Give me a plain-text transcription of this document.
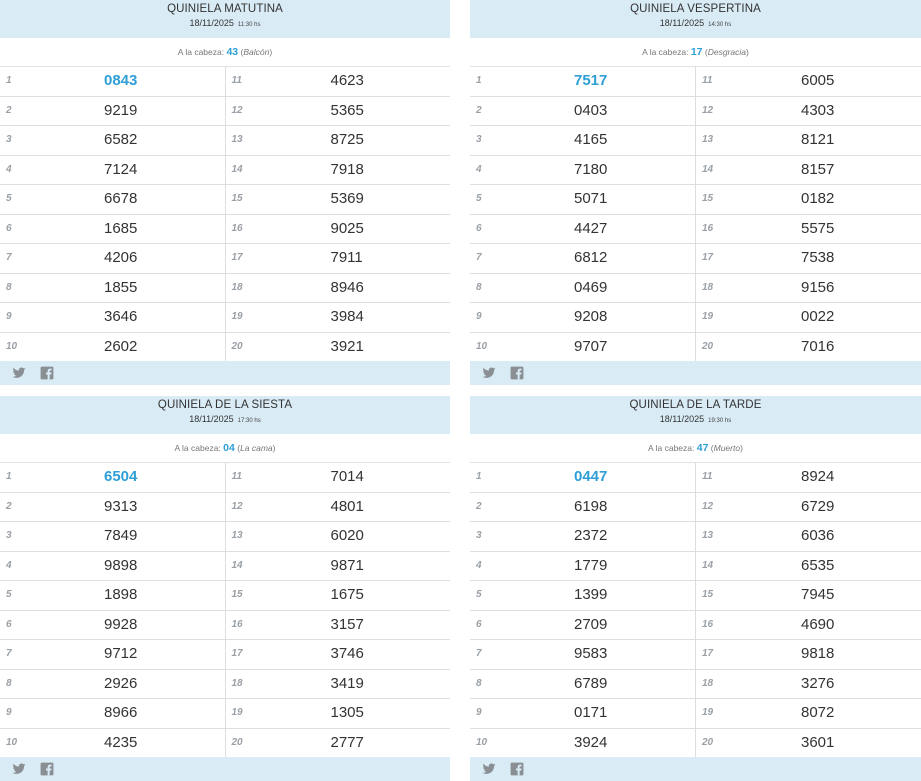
QUINIELA MATUTINA
18/11/2025 11:30 hs
A la cabeza: 43 (Balcón)
1	0843	11	4623
2	9219	12	5365
3	6582	13	8725
4	7124	14	7918
5	6678	15	5369
6	1685	16	9025
7	4206	17	7911
8	1855	18	8946
9	3646	19	3984
10	2602	20	3921
QUINIELA VESPERTINA
18/11/2025 14:30 hs
A la cabeza: 17 (Desgracia)
1	7517	11	6005
2	0403	12	4303
3	4165	13	8121
4	7180	14	8157
5	5071	15	0182
6	4427	16	5575
7	6812	17	7538
8	0469	18	9156
9	9208	19	0022
10	9707	20	7016
QUINIELA DE LA SIESTA
18/11/2025 17:30 hs
A la cabeza: 04 (La cama)
1	6504	11	7014
2	9313	12	4801
3	7849	13	6020
4	9898	14	9871
5	1898	15	1675
6	9928	16	3157
7	9712	17	3746
8	2926	18	3419
9	8966	19	1305
10	4235	20	2777
QUINIELA DE LA TARDE
18/11/2025 19:30 hs
A la cabeza: 47 (Muerto)
1	0447	11	8924
2	6198	12	6729
3	2372	13	6036
4	1779	14	6535
5	1399	15	7945
6	2709	16	4690
7	9583	17	9818
8	6789	18	3276
9	0171	19	8072
10	3924	20	3601
